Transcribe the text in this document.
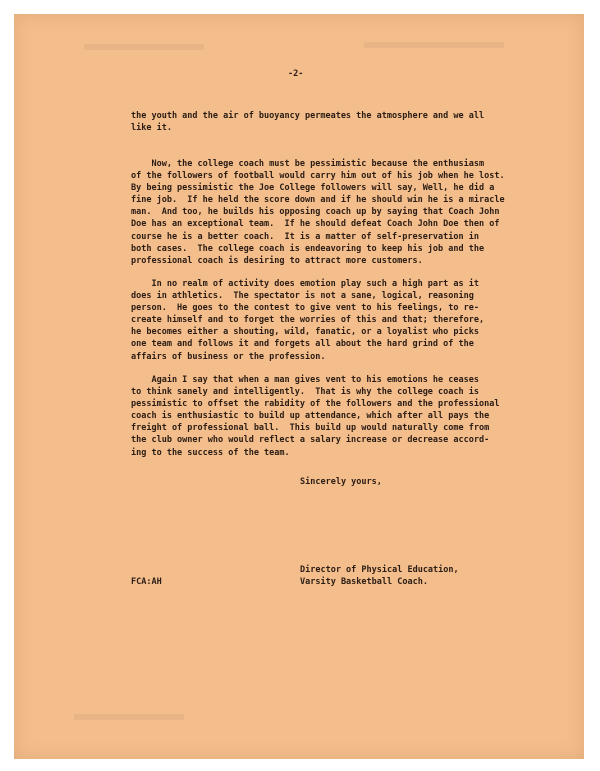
-2-

the youth and the air of buoyancy permeates the atmosphere and we all
like it.

Now, the college coach must be pessimistic because the enthusiasm
of the followers of football would carry him out of his job when he lost.
By being pessimistic the Joe College followers will say, Well, he did a
fine job.  If he held the score down and if he should win he is a miracle
man.  And too, he builds his opposing coach up by saying that Coach John
Doe has an exceptional team.  If he should defeat Coach John Doe then of
course he is a better coach.  It is a matter of self-preservation in
both cases.  The college coach is endeavoring to keep his job and the
professional coach is desiring to attract more customers.

In no realm of activity does emotion play such a high part as it
does in athletics.  The spectator is not a sane, logical, reasoning
person.  He goes to the contest to give vent to his feelings, to re-
create himself and to forget the worries of this and that; therefore,
he becomes either a shouting, wild, fanatic, or a loyalist who picks
one team and follows it and forgets all about the hard grind of the
affairs of business or the profession.

Again I say that when a man gives vent to his emotions he ceases
to think sanely and intelligently.  That is why the college coach is
pessimistic to offset the rabidity of the followers and the professional
coach is enthusiastic to build up attendance, which after all pays the
freight of professional ball.  This build up would naturally come from
the club owner who would reflect a salary increase or decrease accord-
ing to the success of the team.

Sincerely yours,
Director of Physical Education,
Varsity Basketball Coach.
FCA:AH
